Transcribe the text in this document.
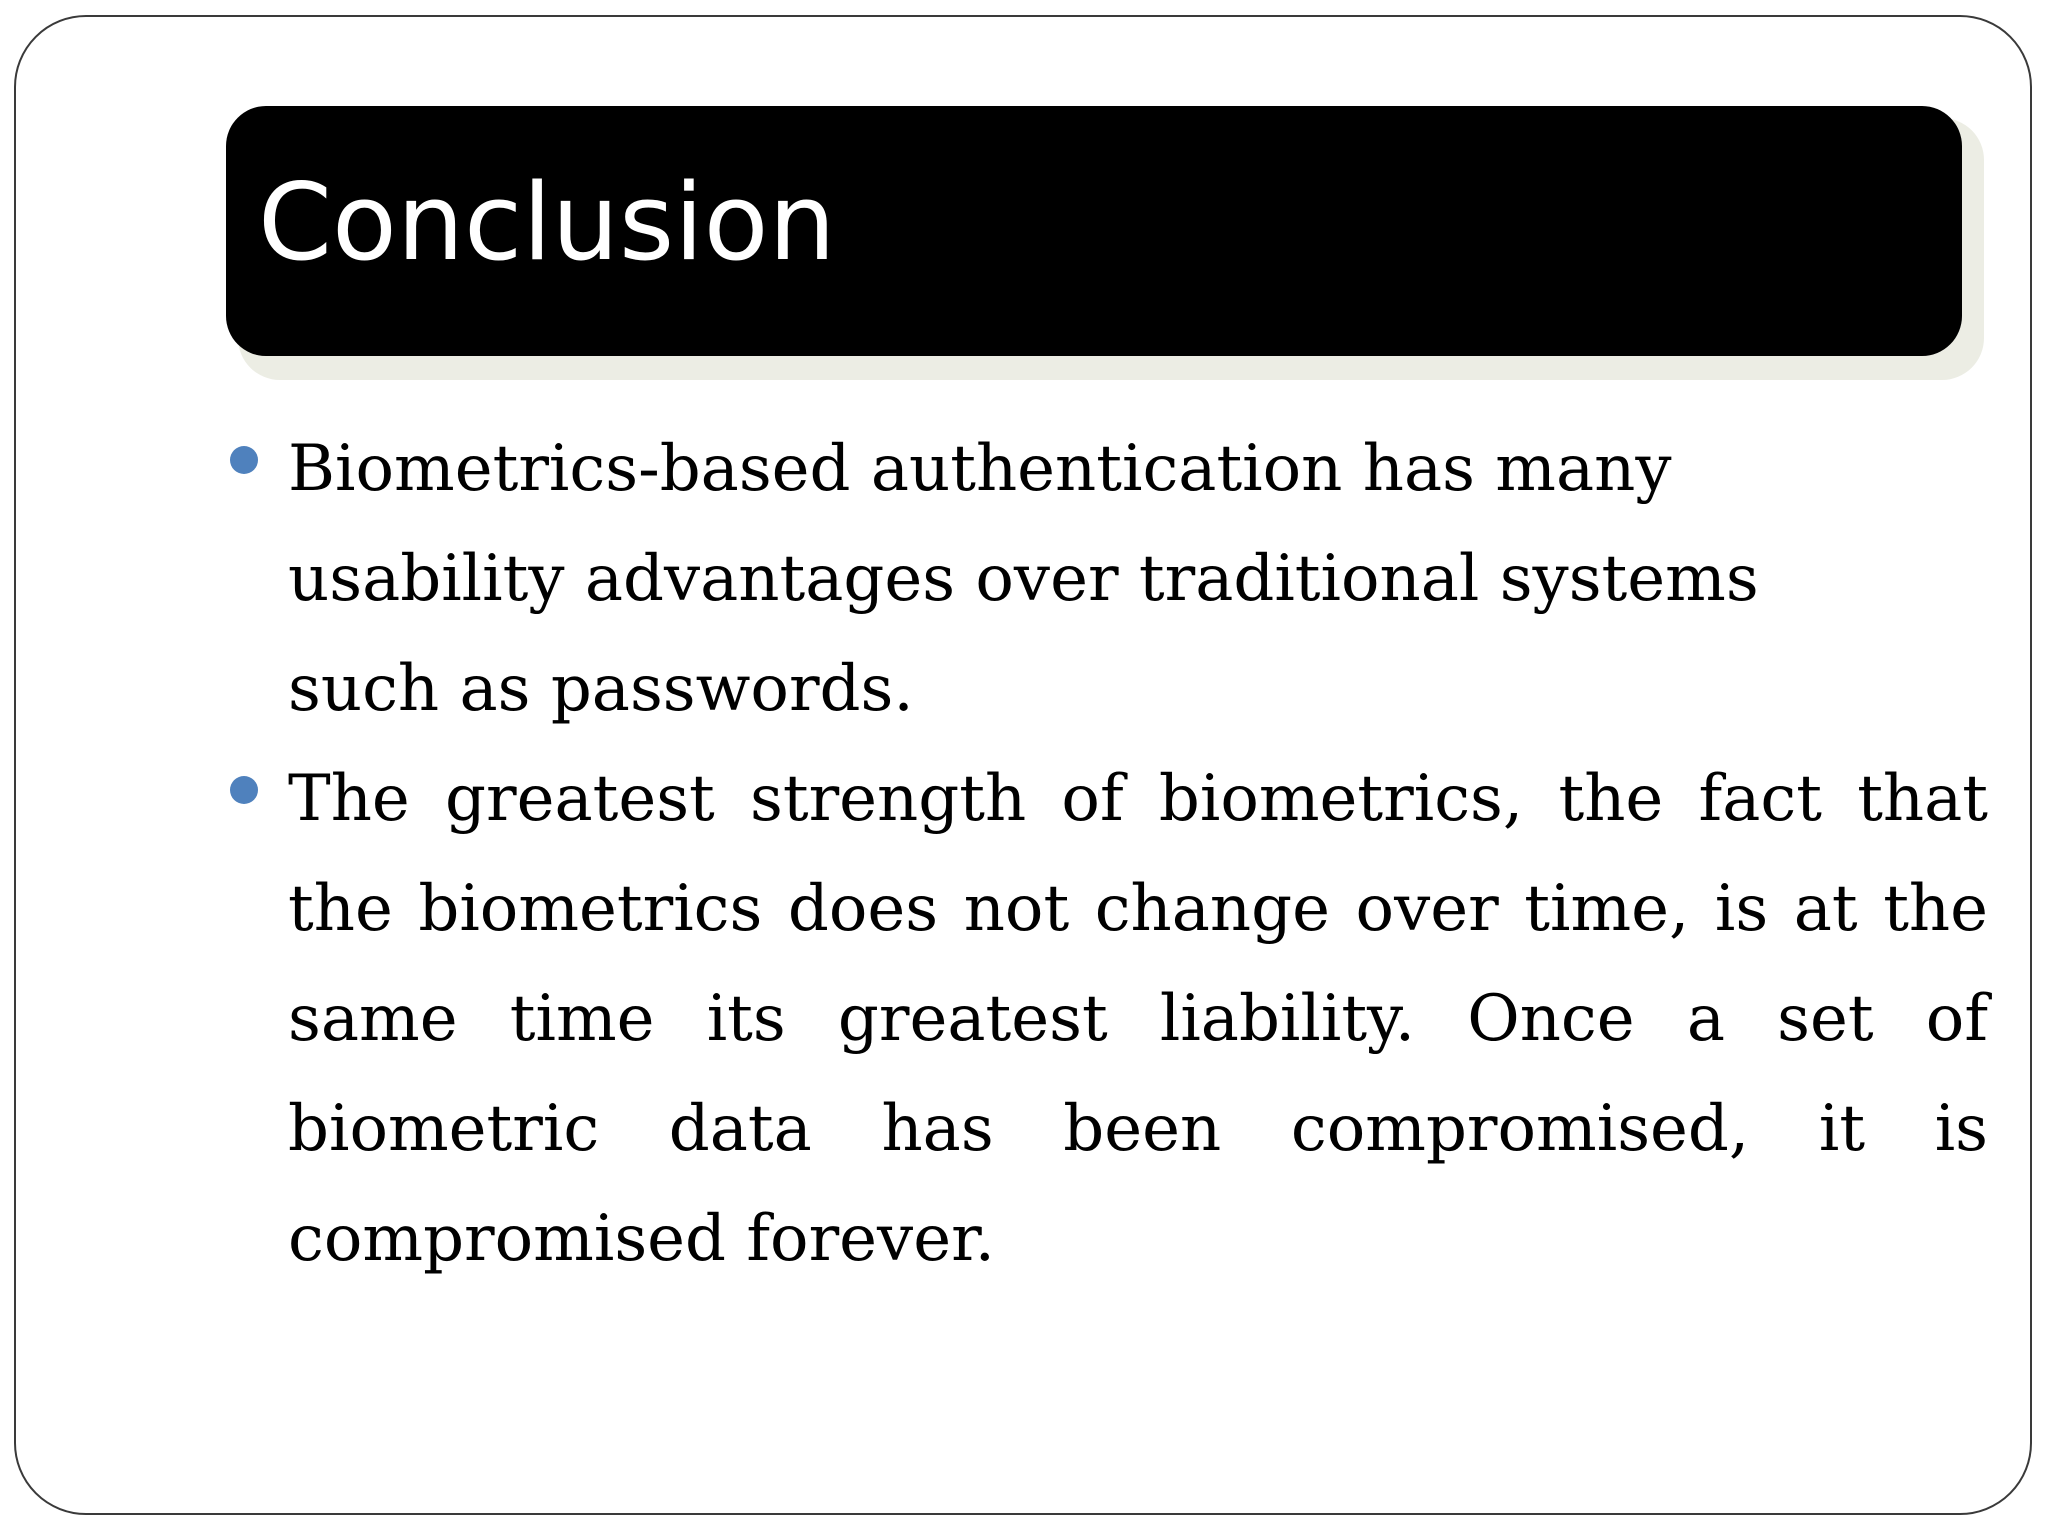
Conclusion
Biometrics-based authentication has many usability advantages over traditional systems such as passwords.
The greatest strength of biometrics, the fact that the biometrics does not change over time, is at the same time its greatest liability. Once a set of biometric data has been compromised, it is compromised forever.
